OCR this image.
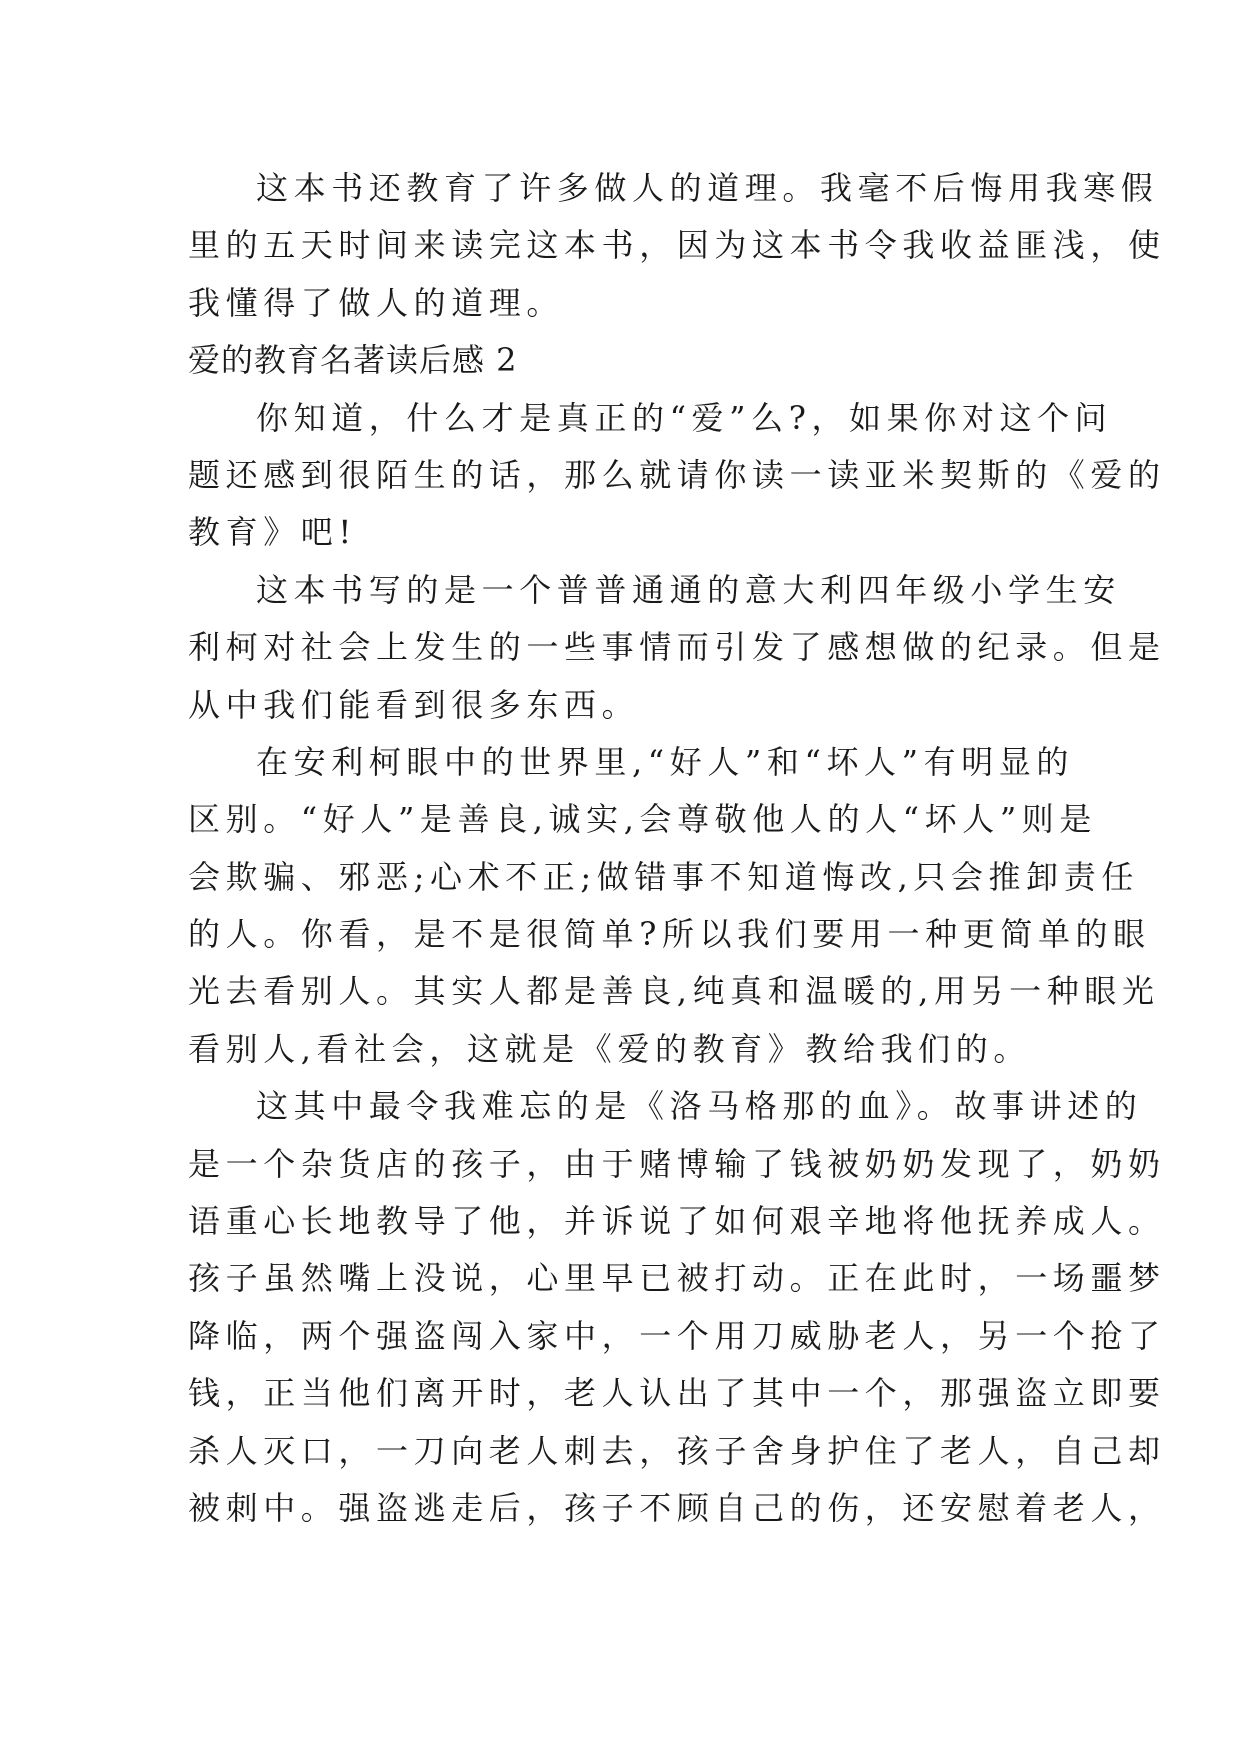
这本书还教育了许多做人的道理。我毫不后悔用我寒假
里的五天时间来读完这本书，因为这本书令我收益匪浅，使
我懂得了做人的道理。
爱的教育名著读后感 2
你知道，什么才是真正的“爱”么?，如果你对这个问
题还感到很陌生的话，那么就请你读一读亚米契斯的《爱的
教育》吧!
这本书写的是一个普普通通的意大利四年级小学生安
利柯对社会上发生的一些事情而引发了感想做的纪录。但是
从中我们能看到很多东西。
在安利柯眼中的世界里,“好人”和“坏人”有明显的
区别。“好人”是善良,诚实,会尊敬他人的人“坏人”则是
会欺骗、邪恶;心术不正;做错事不知道悔改,只会推卸责任
的人。你看，是不是很简单?所以我们要用一种更简单的眼
光去看别人。其实人都是善良,纯真和温暖的,用另一种眼光
看别人,看社会，这就是《爱的教育》教给我们的。
这其中最令我难忘的是《洛马格那的血》。故事讲述的
是一个杂货店的孩子，由于赌博输了钱被奶奶发现了，奶奶
语重心长地教导了他，并诉说了如何艰辛地将他抚养成人。
孩子虽然嘴上没说，心里早已被打动。正在此时，一场噩梦
降临，两个强盗闯入家中，一个用刀威胁老人，另一个抢了
钱，正当他们离开时，老人认出了其中一个，那强盗立即要
杀人灭口，一刀向老人刺去，孩子舍身护住了老人，自己却
被刺中。强盗逃走后，孩子不顾自己的伤，还安慰着老人，
